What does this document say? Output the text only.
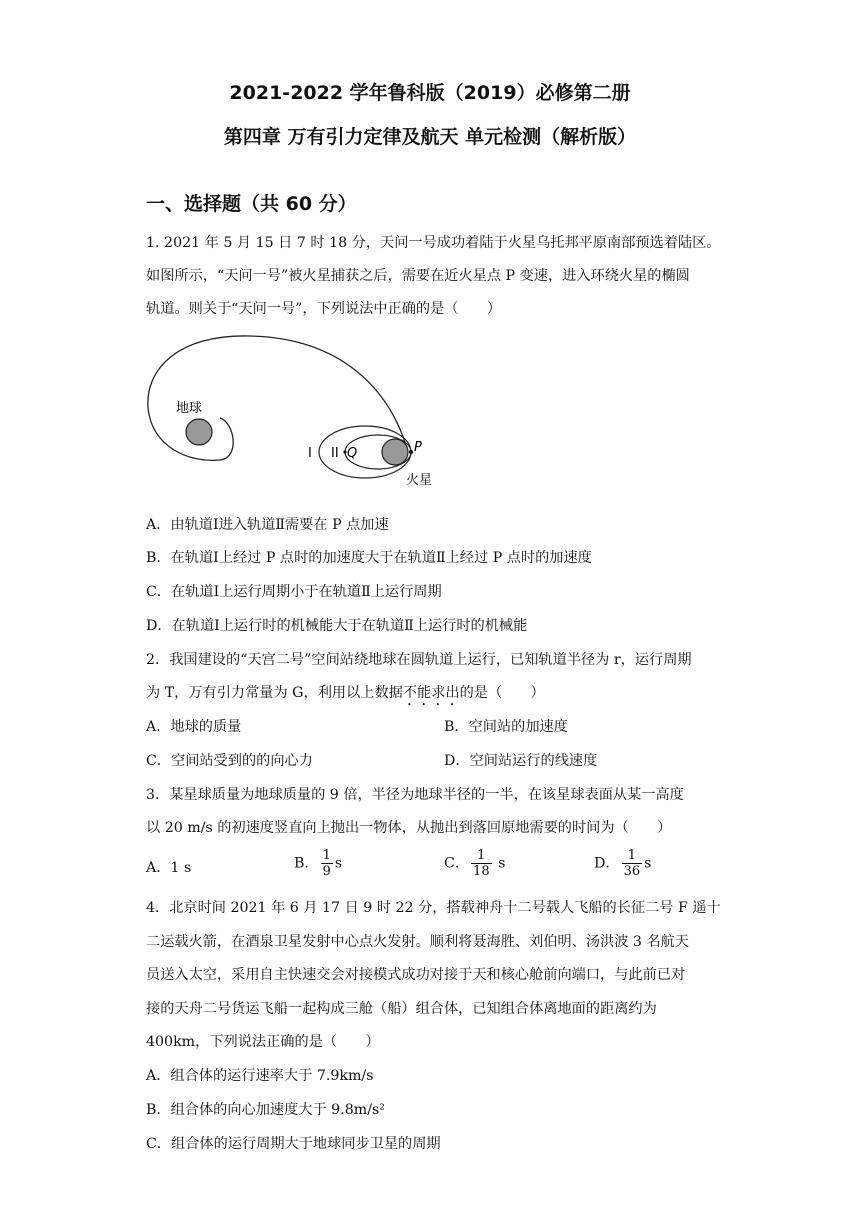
2021-2022 学年鲁科版（2019）必修第二册
第四章 万有引力定律及航天 单元检测（解析版）
一、选择题（共 60 分）
1. 2021 年 5 月 15 日 7 时 18 分，天问一号成功着陆于火星乌托邦平原南部预选着陆区。
如图所示，“天问一号”被火星捕获之后，需要在近火星点 P 变速，进入环绕火星的椭圆
轨道。则关于“天问一号”，下列说法中正确的是（　　）
地球
火星
I II Q	P
A．由轨道Ⅰ进入轨道Ⅱ需要在 P 点加速
B．在轨道Ⅰ上经过 P 点时的加速度大于在轨道Ⅱ上经过 P 点时的加速度
C．在轨道Ⅰ上运行周期小于在轨道Ⅱ上运行周期
D．在轨道Ⅰ上运行时的机械能大于在轨道Ⅱ上运行时的机械能
2．我国建设的“天宫二号”空间站绕地球在圆轨道上运行，已知轨道半径为 r，运行周期
为 T，万有引力常量为 G，利用以上数据不能求出的是（　　）
A．地球的质量	B．空间站的加速度
C．空间站受到的的向心力	D．空间站运行的线速度
3．某星球质量为地球质量的 9 倍，半径为地球半径的一半，在该星球表面从某一高度
以 20 m/s 的初速度竖直向上抛出一物体，从抛出到落回原地需要的时间为（　　）
A．1 s	B． $\frac{1}{9}$ s	C． $\frac{1}{18}$ s	D． $\frac{1}{36}$ s
4．北京时间 2021 年 6 月 17 日 9 时 22 分，搭载神舟十二号载人飞船的长征二号 F 遥十
二运载火箭，在酒泉卫星发射中心点火发射。顺利将聂海胜、刘伯明、汤洪波 3 名航天
员送入太空，采用自主快速交会对接模式成功对接于天和核心舱前向端口，与此前已对
接的天舟二号货运飞船一起构成三舱（船）组合体，已知组合体离地面的距离约为
400km，下列说法正确的是（　　）
A．组合体的运行速率大于 7.9km/s
B．组合体的向心加速度大于 9.8m/s²
C．组合体的运行周期大于地球同步卫星的周期
